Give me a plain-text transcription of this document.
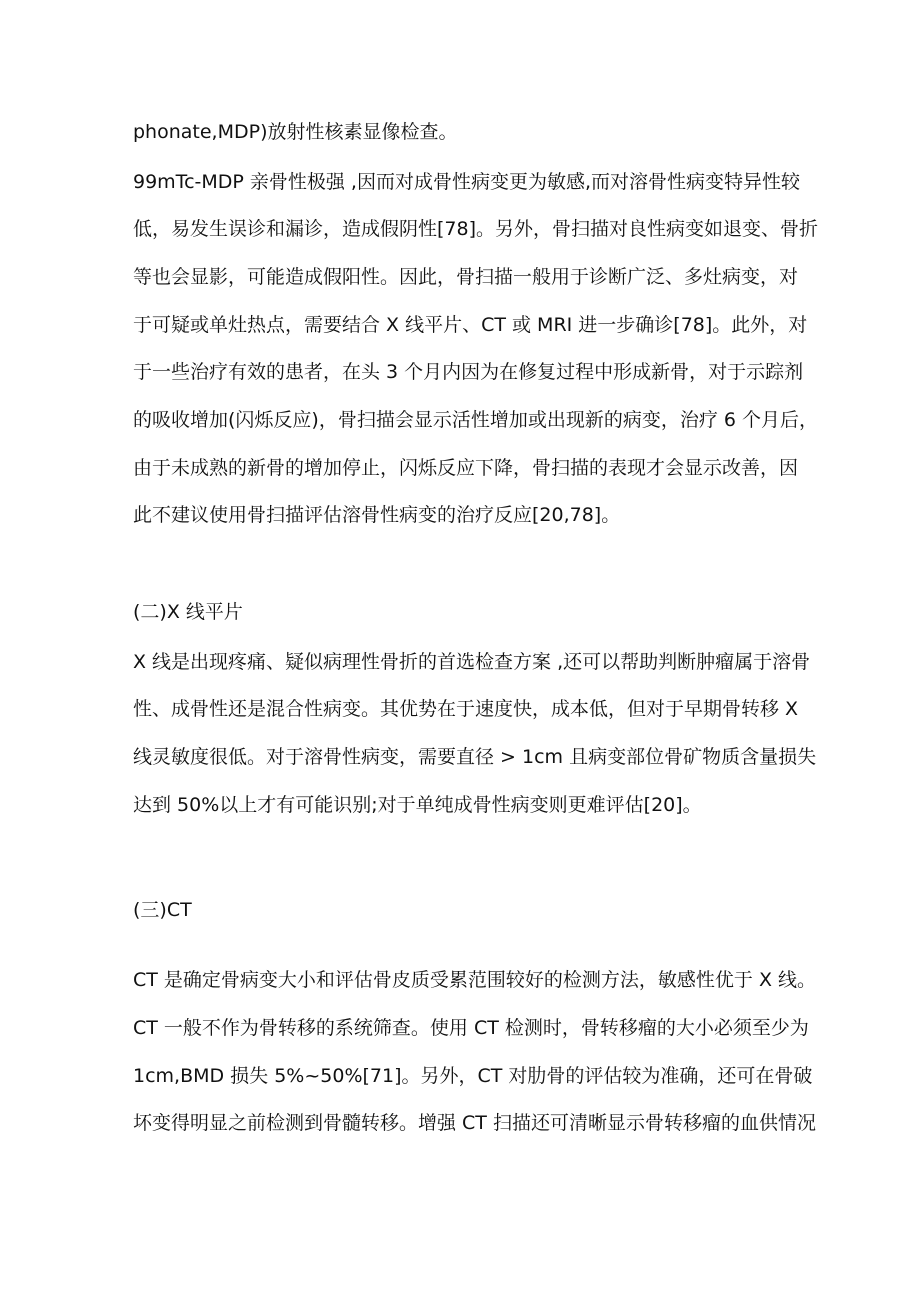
phonate,MDP)放射性核素显像检查。
99mTc-MDP 亲骨性极强 ,因而对成骨性病变更为敏感,而对溶骨性病变特异性较
低，易发生误诊和漏诊，造成假阴性[78]。另外，骨扫描对良性病变如退变、骨折
等也会显影，可能造成假阳性。因此，骨扫描一般用于诊断广泛、多灶病变，对
于可疑或单灶热点，需要结合 X 线平片、CT 或 MRI 进一步确诊[78]。此外，对
于一些治疗有效的患者，在头 3 个月内因为在修复过程中形成新骨，对于示踪剂
的吸收增加(闪烁反应)，骨扫描会显示活性增加或出现新的病变，治疗 6 个月后，
由于未成熟的新骨的增加停止，闪烁反应下降，骨扫描的表现才会显示改善，因
此不建议使用骨扫描评估溶骨性病变的治疗反应[20,78]。
(二)X 线平片
X 线是出现疼痛、疑似病理性骨折的首选检查方案 ,还可以帮助判断肿瘤属于溶骨
性、成骨性还是混合性病变。其优势在于速度快，成本低，但对于早期骨转移 X
线灵敏度很低。对于溶骨性病变，需要直径 > 1cm 且病变部位骨矿物质含量损失
达到 50%以上才有可能识别;对于单纯成骨性病变则更难评估[20]。
(三)CT
CT 是确定骨病变大小和评估骨皮质受累范围较好的检测方法，敏感性优于 X 线。
CT 一般不作为骨转移的系统筛查。使用 CT 检测时，骨转移瘤的大小必须至少为
1cm,BMD 损失 5%~50%[71]。另外，CT 对肋骨的评估较为准确，还可在骨破
坏变得明显之前检测到骨髓转移。增强 CT 扫描还可清晰显示骨转移瘤的血供情况
